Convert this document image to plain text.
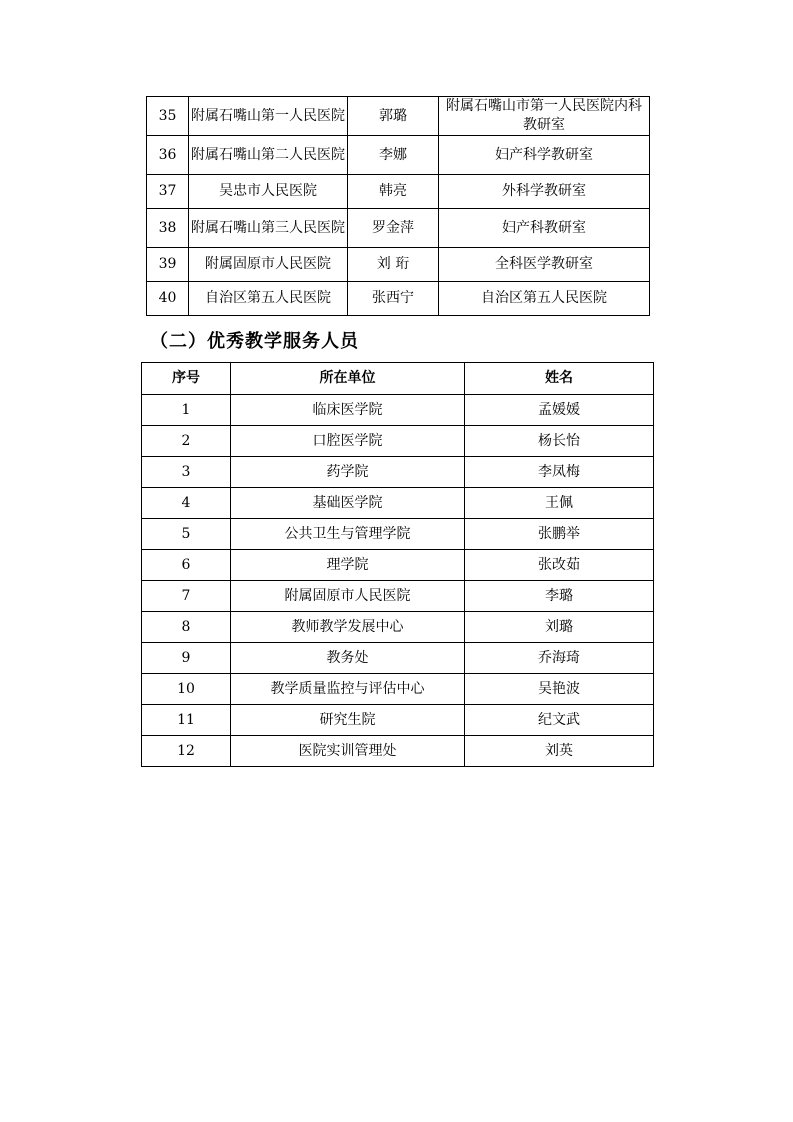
35	附属石嘴山第一人民医院	郭璐	附属石嘴山市第一人民医院内科教研室
36	附属石嘴山第二人民医院	李娜	妇产科学教研室
37	吴忠市人民医院	韩亮	外科学教研室
38	附属石嘴山第三人民医院	罗金萍	妇产科教研室
39	附属固原市人民医院	刘 珩	全科医学教研室
40	自治区第五人民医院	张西宁	自治区第五人民医院
（二）优秀教学服务人员
序号	所在单位	姓名
1	临床医学院	孟媛媛
2	口腔医学院	杨长怡
3	药学院	李凤梅
4	基础医学院	王佩
5	公共卫生与管理学院	张鹏举
6	理学院	张改茹
7	附属固原市人民医院	李璐
8	教师教学发展中心	刘璐
9	教务处	乔海琦
10	教学质量监控与评估中心	吴艳波
11	研究生院	纪文武
12	医院实训管理处	刘英
